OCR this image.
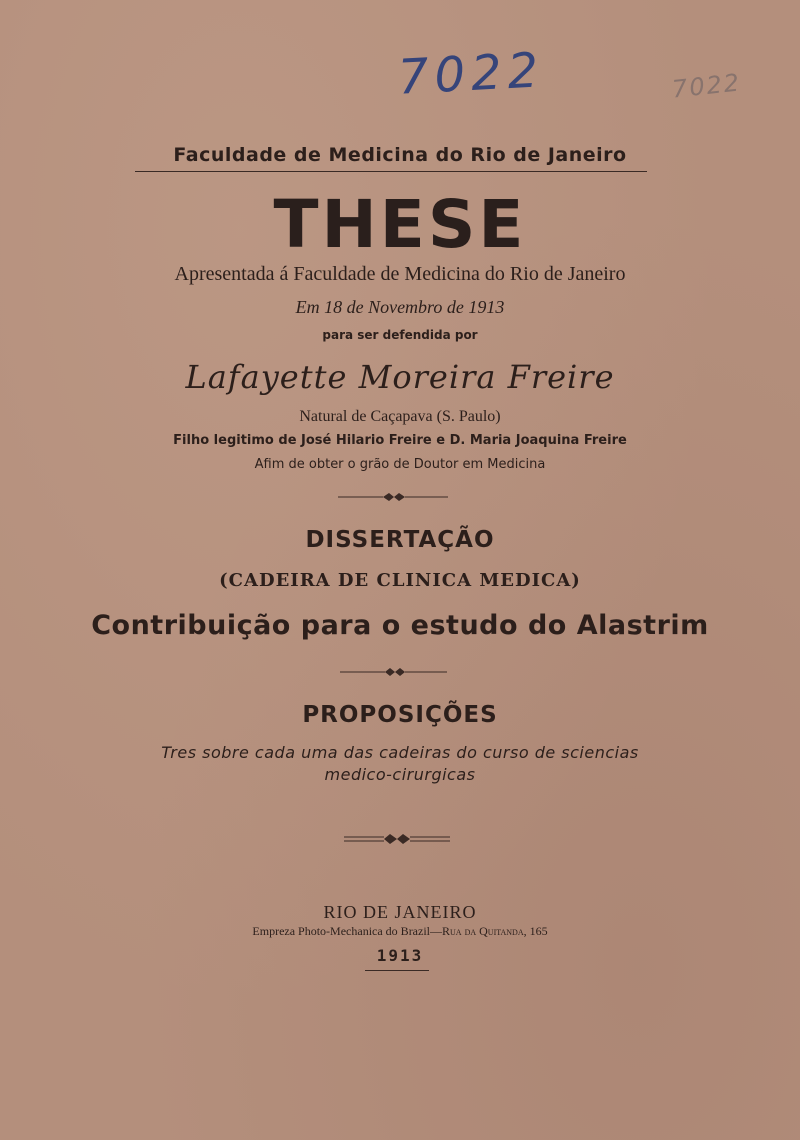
7022	7022
Faculdade de Medicina do Rio de Janeiro
THESE
Apresentada á Faculdade de Medicina do Rio de Janeiro
Em 18 de Novembro de 1913
para ser defendida por
Lafayette Moreira Freire
Natural de Caçapava (S. Paulo)
Filho legitimo de José Hilario Freire e D. Maria Joaquina Freire
Afim de obter o grão de Doutor em Medicina
DISSERTAÇÃO
(CADEIRA DE CLINICA MEDICA)
Contribuição para o estudo do Alastrim
PROPOSIÇÕES
Tres sobre cada uma das cadeiras do curso de sciencias
medico-cirurgicas
RIO DE JANEIRO
Empreza Photo-Mechanica do Brazil—Rua da Quitanda, 165
1913
